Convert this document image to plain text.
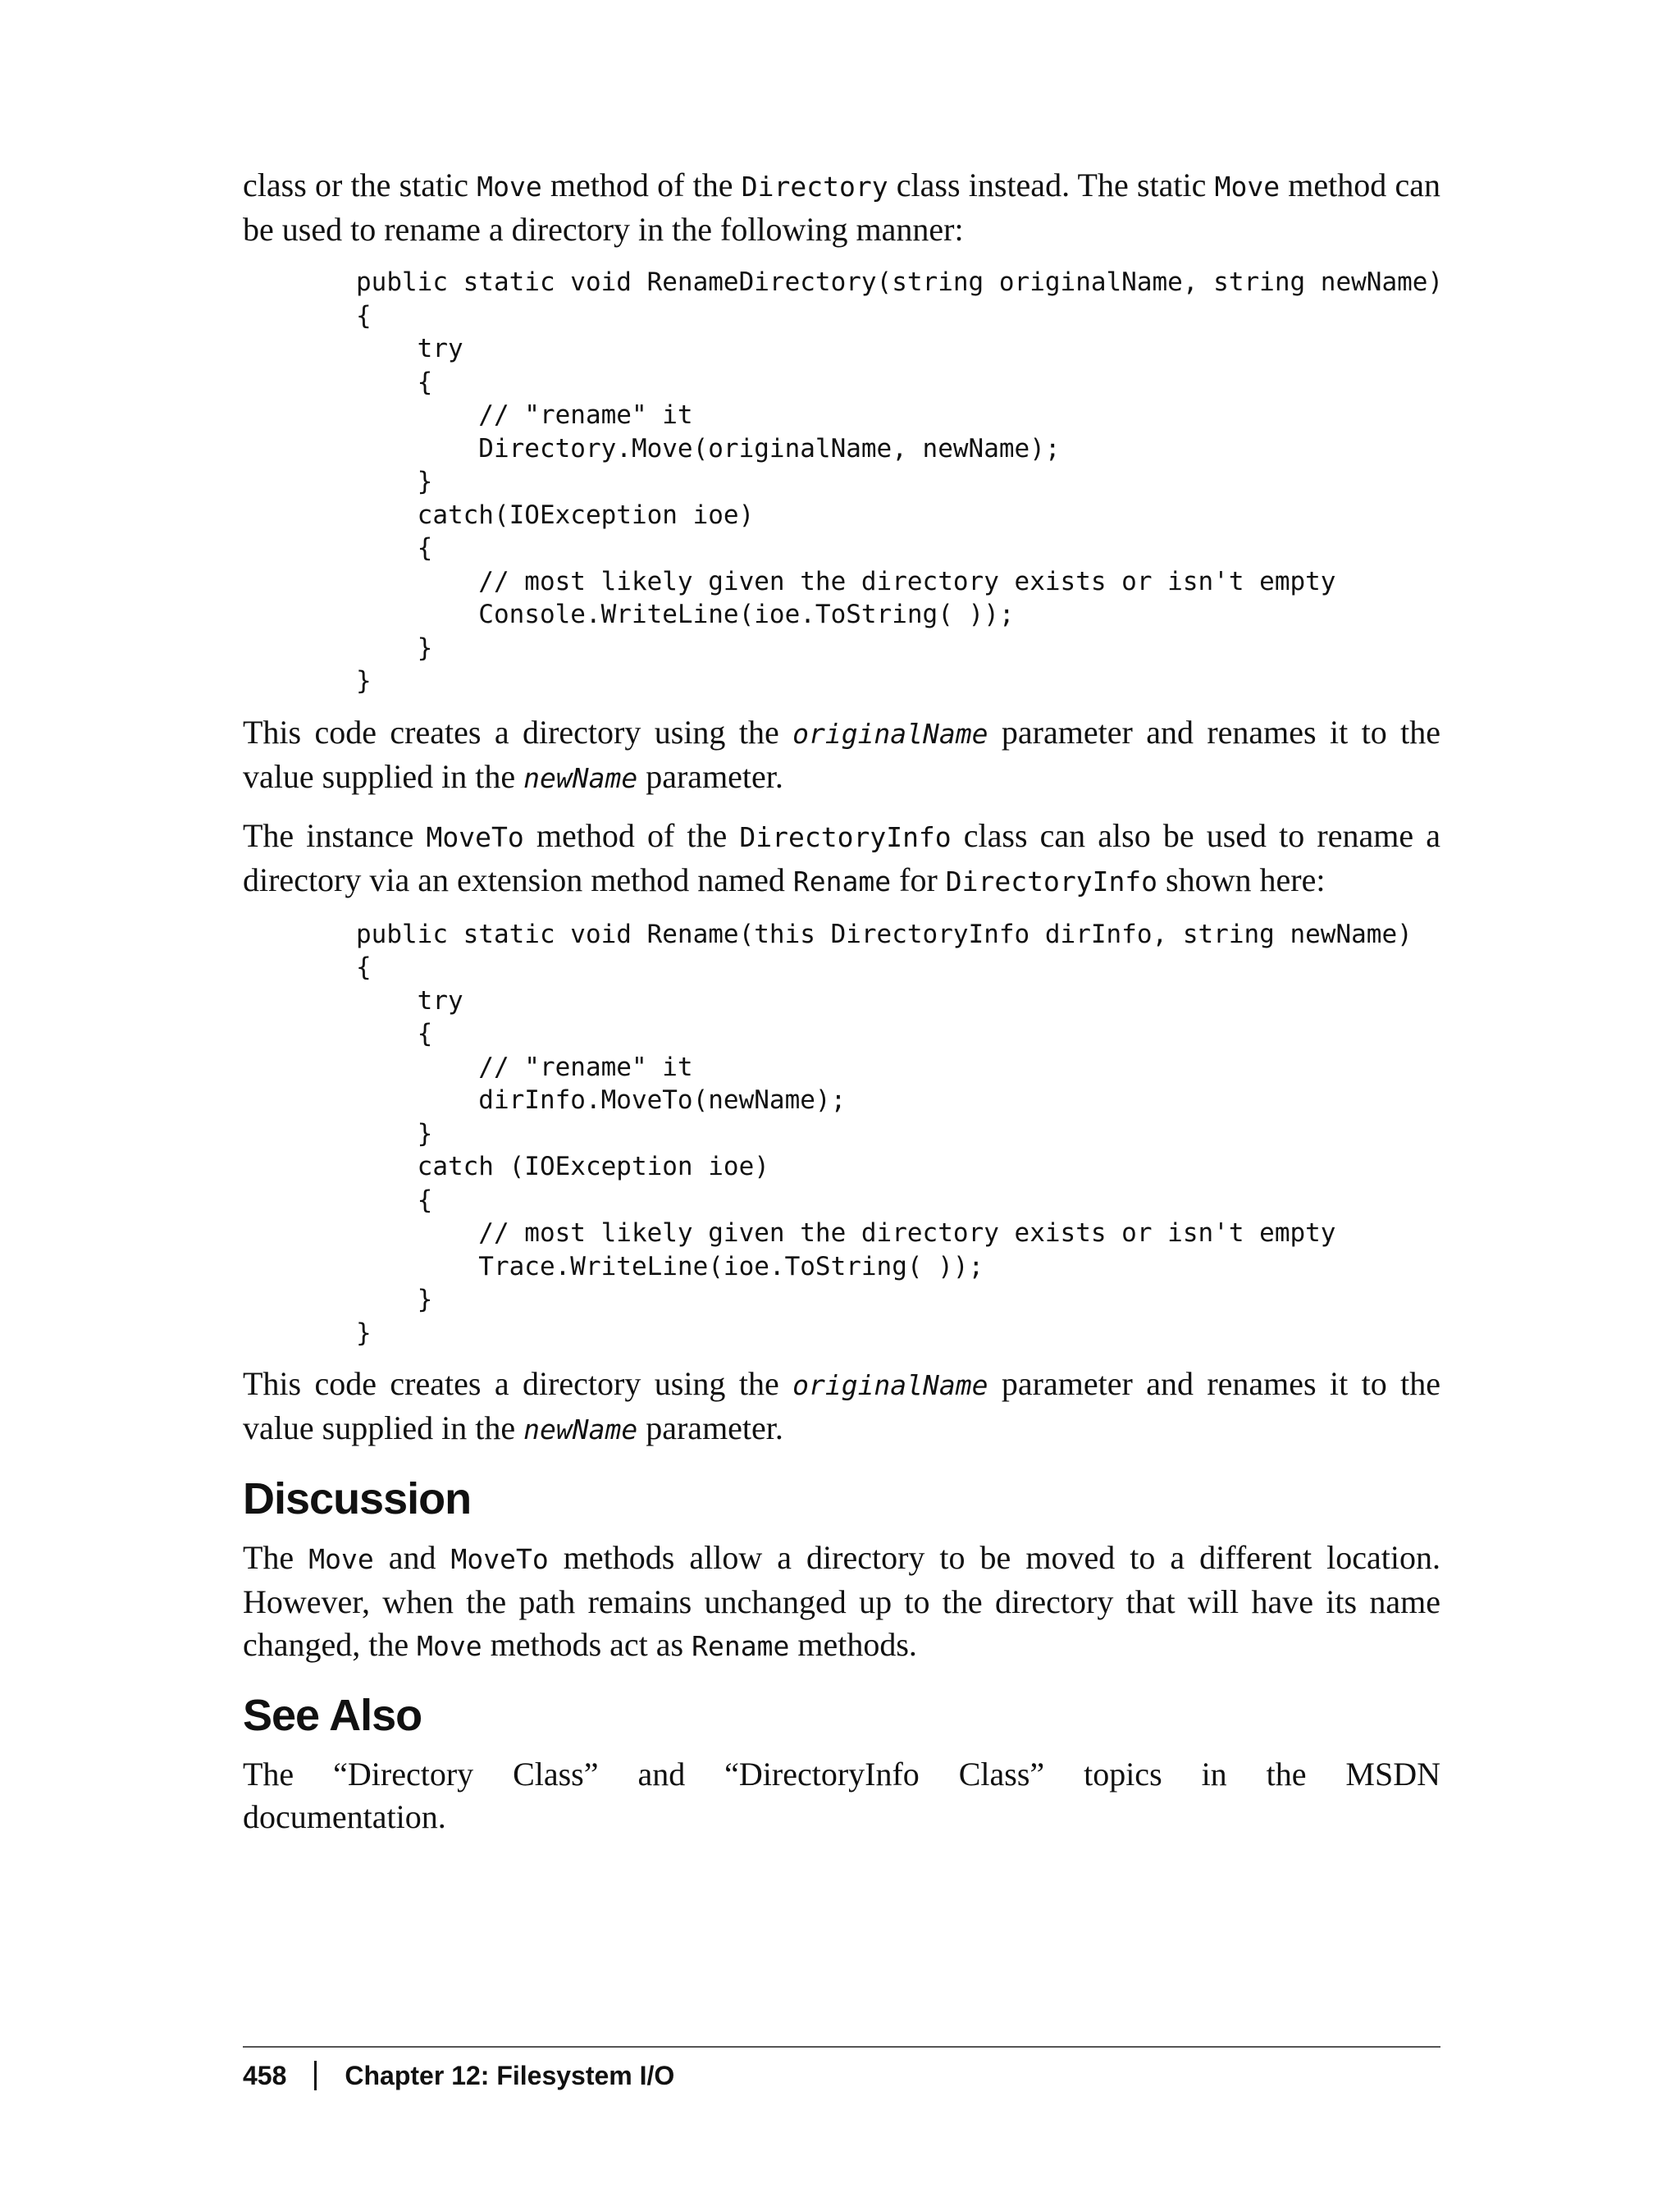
class or the static Move method of the Directory class instead. The static Move method can be used to rename a directory in the following manner:

public static void RenameDirectory(string originalName, string newName)
{
try
{
// "rename" it
Directory.Move(originalName, newName);
}
catch(IOException ioe)
{
// most likely given the directory exists or isn't empty
Console.WriteLine(ioe.ToString( ));
}
}

This code creates a directory using the originalName parameter and renames it to the value supplied in the newName parameter.

The instance MoveTo method of the DirectoryInfo class can also be used to rename a directory via an extension method named Rename for DirectoryInfo shown here:

public static void Rename(this DirectoryInfo dirInfo, string newName)
{
try
{
// "rename" it
dirInfo.MoveTo(newName);
}
catch (IOException ioe)
{
// most likely given the directory exists or isn't empty
Trace.WriteLine(ioe.ToString( ));
}
}

This code creates a directory using the originalName parameter and renames it to the value supplied in the newName parameter.

Discussion

The Move and MoveTo methods allow a directory to be moved to a different location. However, when the path remains unchanged up to the directory that will have its name changed, the Move methods act as Rename methods.

See Also

The “Directory Class” and “DirectoryInfo Class” topics in the MSDN
documentation.

458 Chapter 12: Filesystem I/O
